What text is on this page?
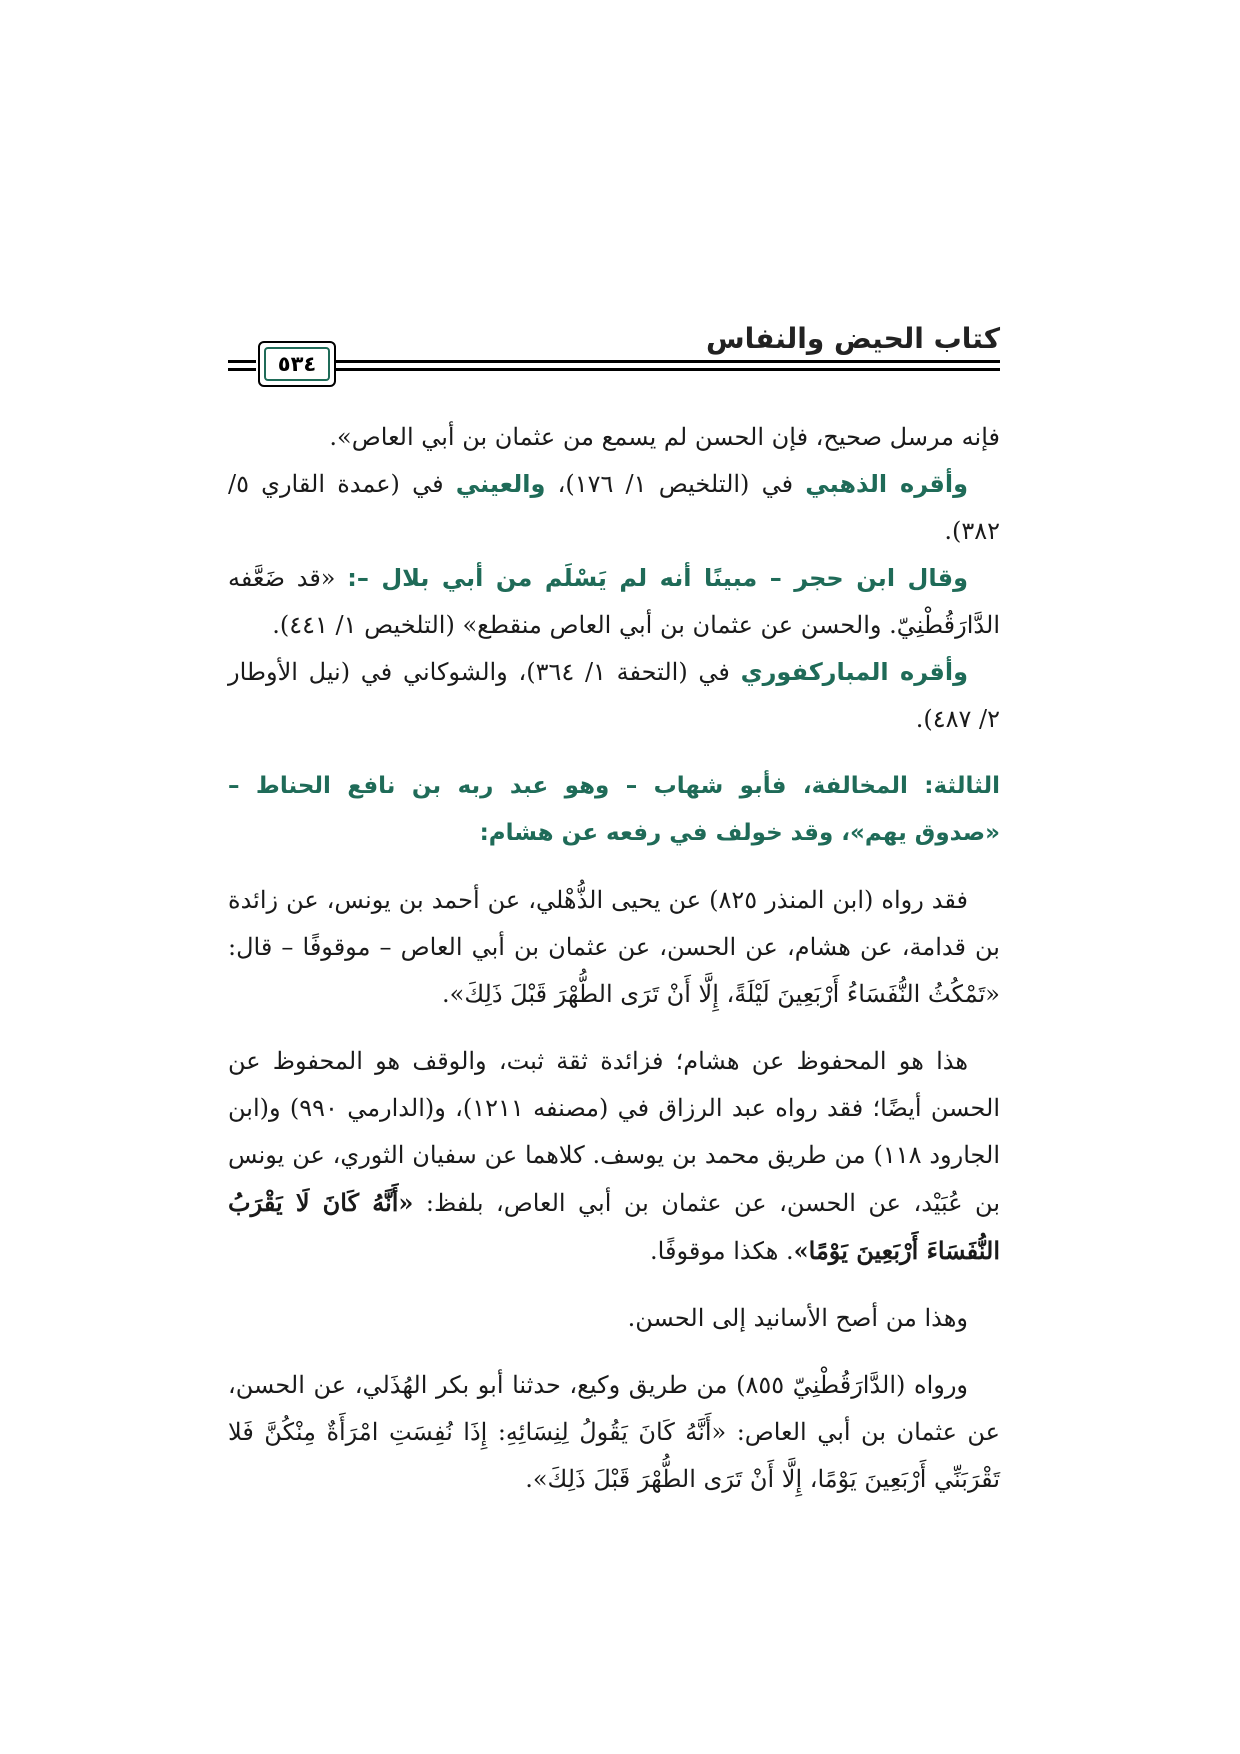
كتاب الحيض والنفاس
٥٣٤

فإنه مرسل صحيح، فإن الحسن لم يسمع من عثمان بن أبي العاص».

وأقره الذهبي في (التلخيص ١/ ١٧٦)، والعيني في (عمدة القاري ٥/ ٣٨٢).

وقال ابن حجر – مبينًا أنه لم يَسْلَم من أبي بلال –: «قد ضَعَّفه الدَّارَقُطْنِيّ. والحسن عن عثمان بن أبي العاص منقطع» (التلخيص ١/ ٤٤١).

وأقره المباركفوري في (التحفة ١/ ٣٦٤)، والشوكاني في (نيل الأوطار ٢/ ٤٨٧).

الثالثة: المخالفة، فأبو شهاب – وهو عبد ربه بن نافع الحناط – «صدوق يهم»، وقد خولف في رفعه عن هشام:

فقد رواه (ابن المنذر ٨٢٥) عن يحيى الذُّهْلي، عن أحمد بن يونس، عن زائدة بن قدامة، عن هشام، عن الحسن، عن عثمان بن أبي العاص – موقوفًا – قال: «تَمْكُثُ النُّفَسَاءُ أَرْبَعِينَ لَيْلَةً، إِلَّا أَنْ تَرَى الطُّهْرَ قَبْلَ ذَلِكَ».

هذا هو المحفوظ عن هشام؛ فزائدة ثقة ثبت، والوقف هو المحفوظ عن الحسن أيضًا؛ فقد رواه عبد الرزاق في (مصنفه ١٢١١)، و(الدارمي ٩٩٠) و(ابن الجارود ١١٨) من طريق محمد بن يوسف. كلاهما عن سفيان الثوري، عن يونس بن عُبَيْد، عن الحسن، عن عثمان بن أبي العاص، بلفظ: «أَنَّهُ كَانَ لَا يَقْرَبُ النُّفَسَاءَ أَرْبَعِينَ يَوْمًا». هكذا موقوفًا.

وهذا من أصح الأسانيد إلى الحسن.

ورواه (الدَّارَقُطْنِيّ ٨٥٥) من طريق وكيع، حدثنا أبو بكر الهُذَلي، عن الحسن، عن عثمان بن أبي العاص: «أَنَّهُ كَانَ يَقُولُ لِنِسَائِهِ: إِذَا نُفِسَتِ امْرَأَةٌ مِنْكُنَّ فَلا تَقْرَبَنِّي أَرْبَعِينَ يَوْمًا، إِلَّا أَنْ تَرَى الطُّهْرَ قَبْلَ ذَلِكَ».
